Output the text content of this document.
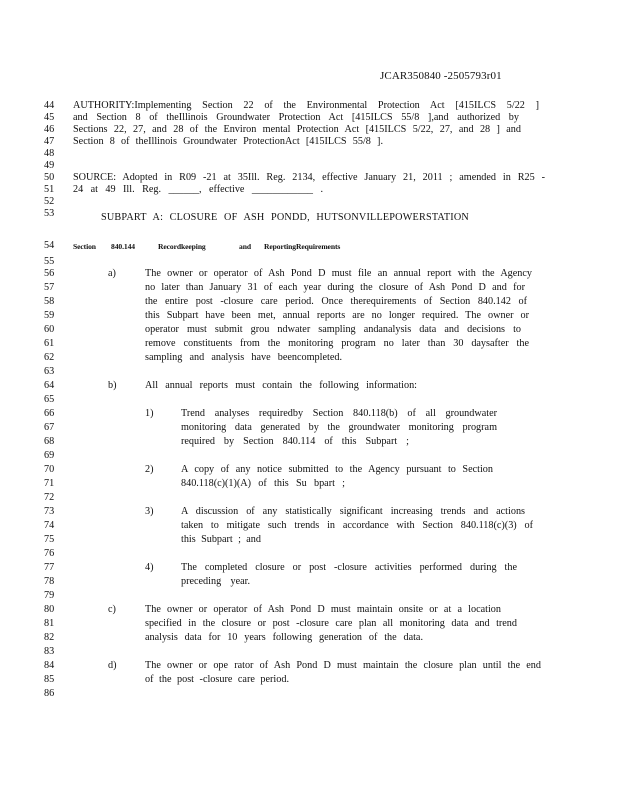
JCAR350840 -2505793r01
44
45
46
47
48
49
50
51
52
53
54
55
56
57
58
59
60
61
62
63
64
65
66
67
68
69
70
71
72
73
74
75
76
77
78
79
80
81
82
83
84
85
86
AUTHORITY:Implementing Section 22 of the Environmental Protection Act [415ILCS 5/22 ]
and Section 8 of theIllinois Groundwater Protection Act [415ILCS 55/8 ],and authorized by
Sections 22, 27, and 28 of the Environ mental Protection Act [415ILCS 5/22, 27, and 28 ] and
Section 8 of theIllinois Groundwater ProtectionAct [415ILCS 55/8 ].
SOURCE: Adopted in R09 -21 at 35Ill. Reg. 2134, effective January 21, 2011 ; amended in R25 -
24 at 49 Ill. Reg. ______, effective ____________ .
SUBPART A: CLOSURE OF ASH PONDD, HUTSONVILLEPOWERSTATION
Section 840.144	Recordkeeping	and ReportingRequirements
a)	The owner or operator of Ash Pond D must file an annual report with the Agency
no later than January 31 of each year during the closure of Ash Pond D and for
the entire post -closure care period. Once therequirements of Section 840.142 of
this Subpart have been met, annual reports are no longer required. The owner or
operator must submit grou ndwater sampling andanalysis data and decisions to
remove constituents from the monitoring program no later than 30 daysafter the
sampling and analysis have beencompleted.
b)	All annual reports must contain the following information:
1)	Trend analyses requiredby Section 840.118(b) of all groundwater
monitoring data generated by the groundwater monitoring program
required by Section 840.114 of this Subpart ;
2)	A copy of any notice submitted to the Agency pursuant to Section
840.118(c)(1)(A) of this Su bpart ;
3)	A discussion of any statistically significant increasing trends and actions
taken to mitigate such trends in accordance with Section 840.118(c)(3) of
this Subpart ; and
4)	The completed closure or post -closure activities performed during the
preceding year.
c)	The owner or operator of Ash Pond D must maintain onsite or at a location
specified in the closure or post -closure care plan all monitoring data and trend
analysis data for 10 years following generation of the data.
d)	The owner or ope rator of Ash Pond D must maintain the closure plan until the end
of the post -closure care period.
